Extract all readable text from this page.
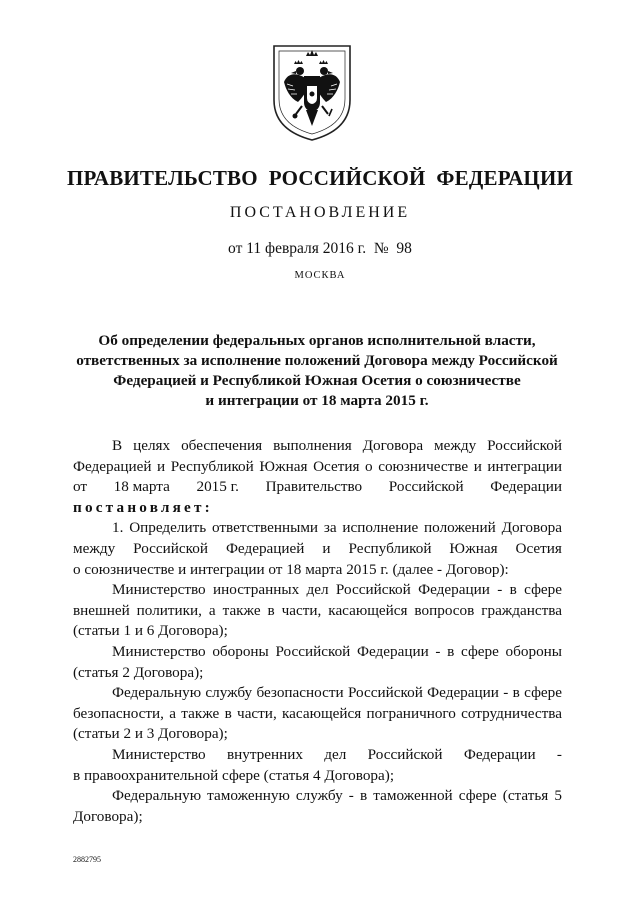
ПРАВИТЕЛЬСТВО  РОССИЙСКОЙ  ФЕДЕРАЦИИ
ПОСТАНОВЛЕНИЕ
от 11 февраля 2016 г.  №  98
МОСКВА
Об определении федеральных органов исполнительной власти,
ответственных за исполнение положений Договора между Российской
Федерацией и Республикой Южная Осетия о союзничестве
и интеграции от 18 марта 2015 г.
В целях обеспечения выполнения Договора между Российской
Федерацией и Республикой Южная Осетия о союзничестве и интеграции
от 18 марта 2015 г. Правительство Российской Федерации
постановляет:
1. Определить ответственными за исполнение положений Договора
между Российской Федерацией и Республикой Южная Осетия
о союзничестве и интеграции от 18 марта 2015 г. (далее - Договор):
Министерство иностранных дел Российской Федерации - в сфере
внешней политики, а также в части, касающейся вопросов гражданства
(статьи 1 и 6 Договора);
Министерство обороны Российской Федерации - в сфере обороны
(статья 2 Договора);
Федеральную службу безопасности Российской Федерации - в сфере
безопасности, а также в части, касающейся пограничного сотрудничества
(статьи 2 и 3 Договора);
Министерство внутренних дел Российской Федерации -
в правоохранительной сфере (статья 4 Договора);
Федеральную таможенную службу - в таможенной сфере (статья 5
Договора);
2882795
